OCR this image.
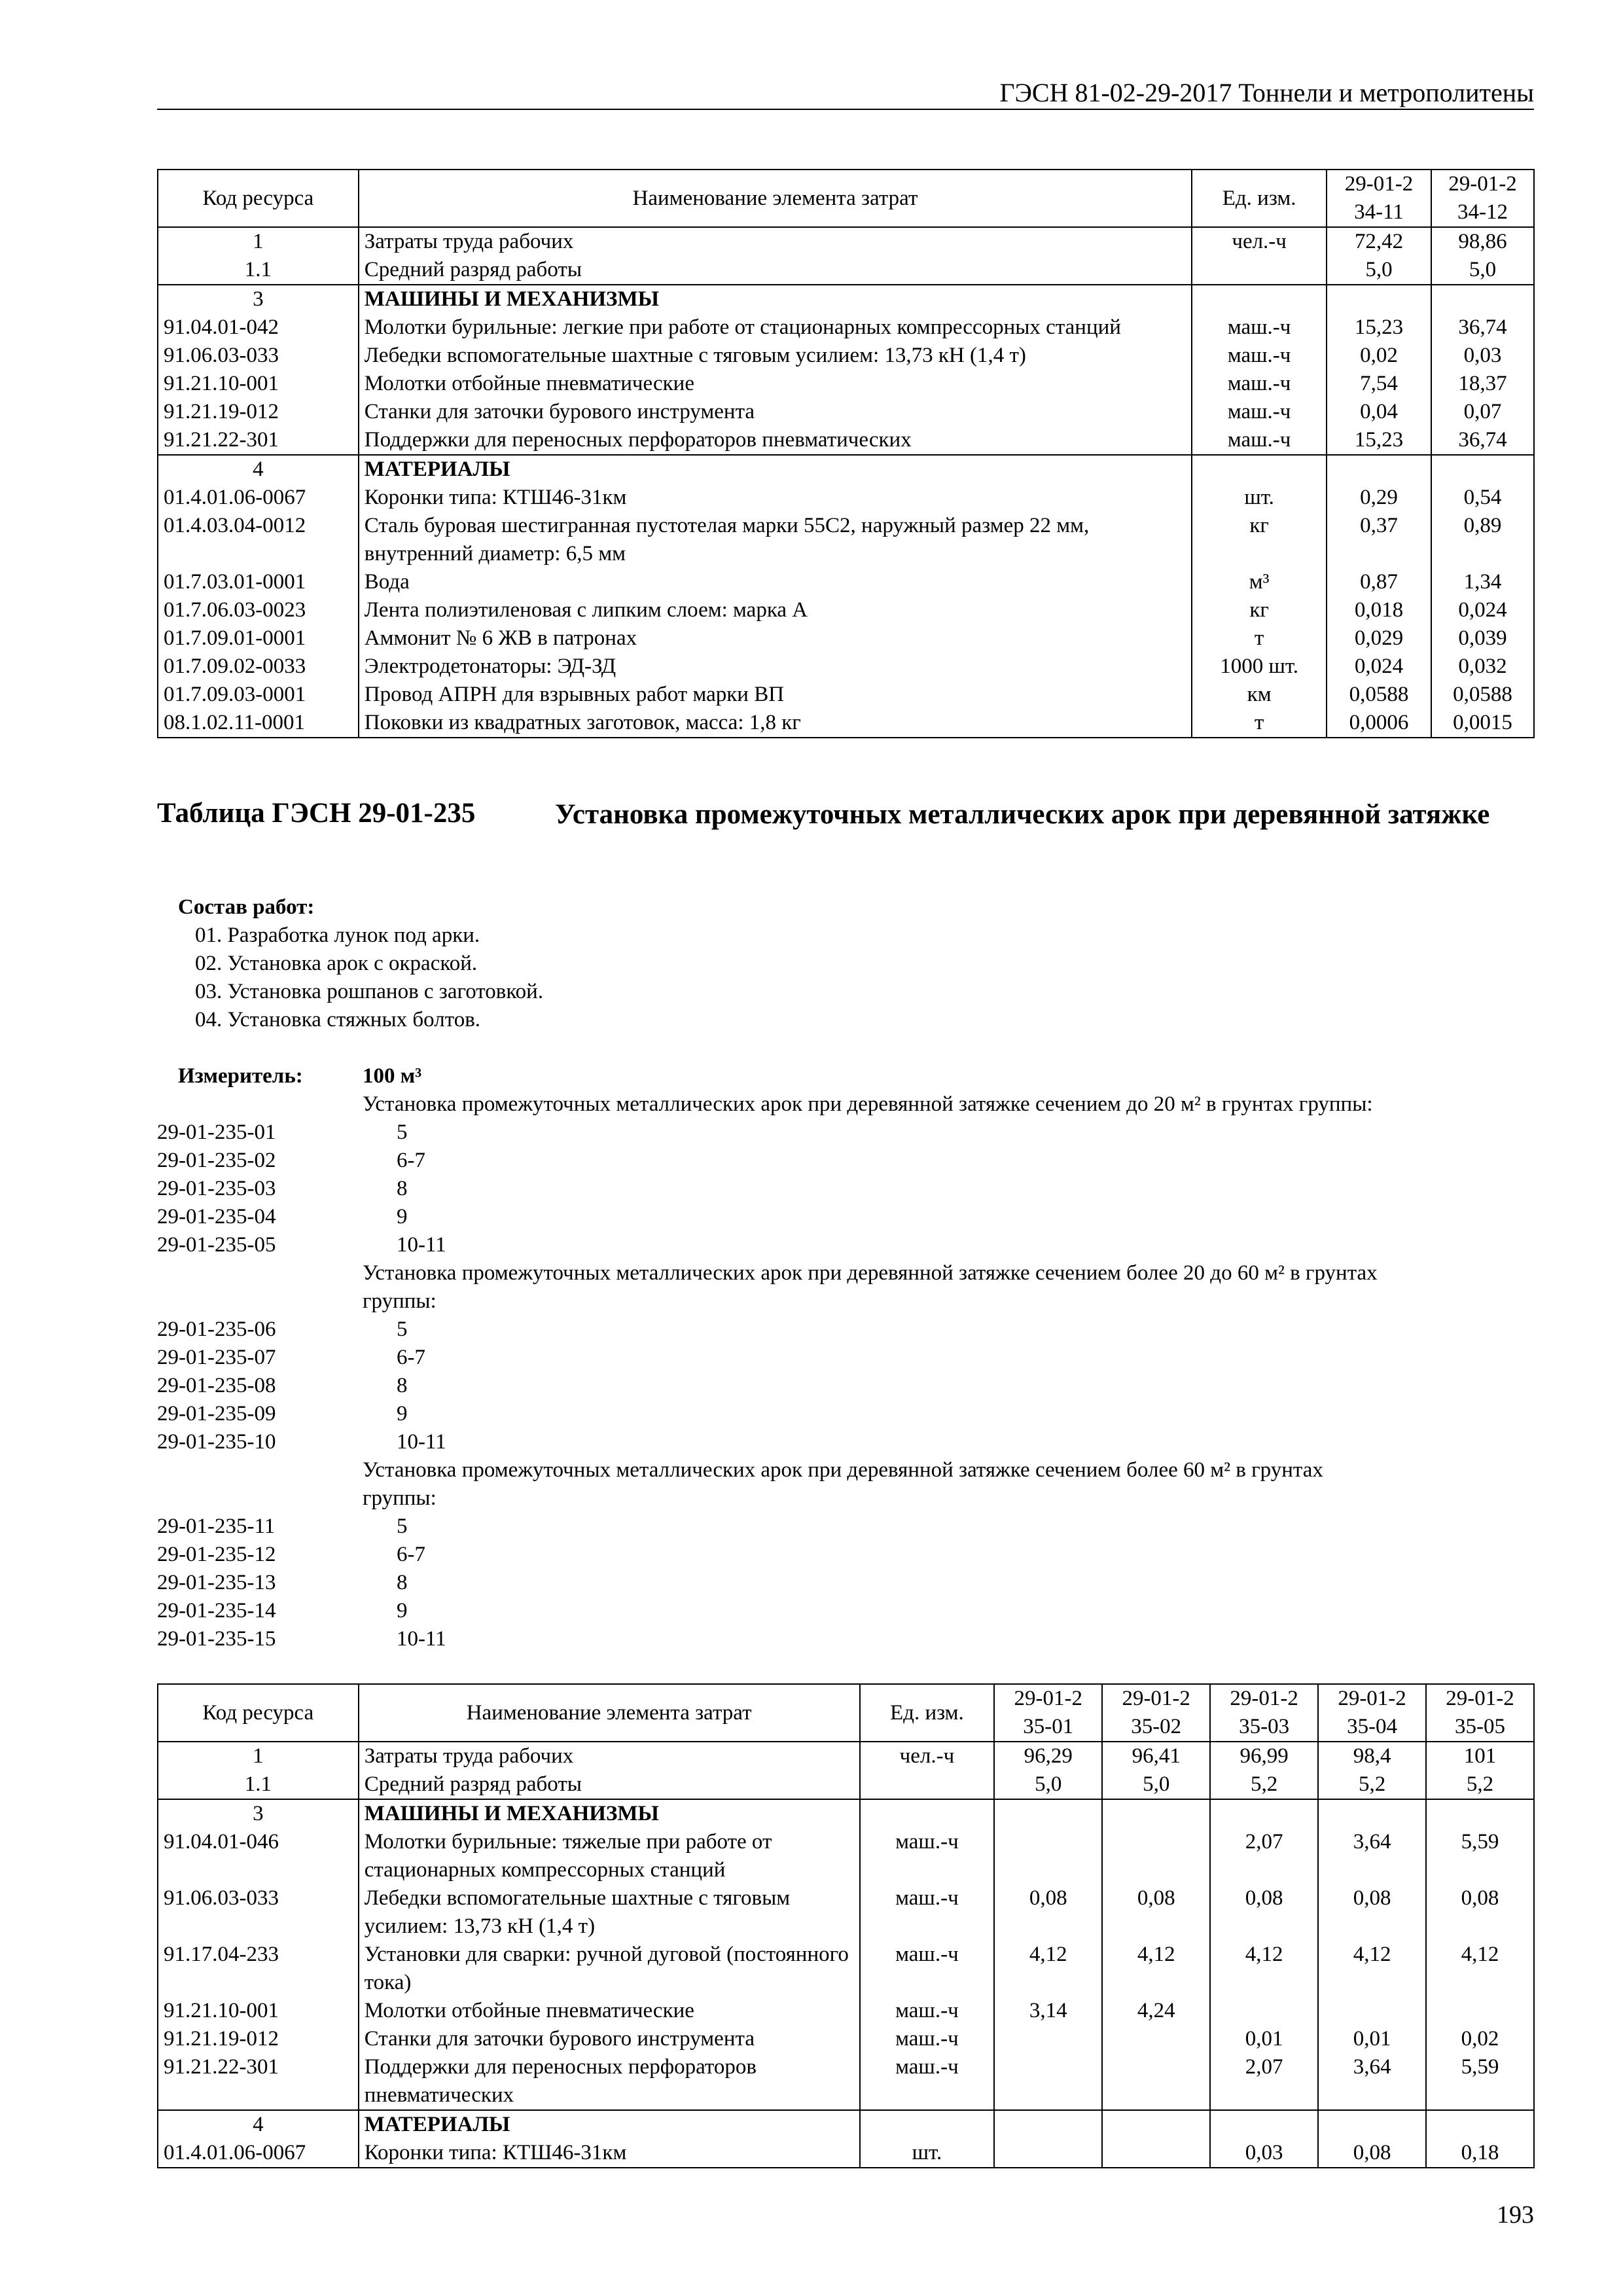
ГЭСН 81-02-29-2017 Тоннели и метрополитены
Код ресурса	Наименование элемента затрат	Ед. изм.	29-01-234-11	29-01-234-12
1	Затраты труда рабочих	чел.-ч	72,42	98,86
1.1	Средний разряд работы		5,0	5,0
3	МАШИНЫ И МЕХАНИЗМЫ			
91.04.01-042	Молотки бурильные: легкие при работе от стационарных компрессорных станций	маш.-ч	15,23	36,74
91.06.03-033	Лебедки вспомогательные шахтные с тяговым усилием: 13,73 кН (1,4 т)	маш.-ч	0,02	0,03
91.21.10-001	Молотки отбойные пневматические	маш.-ч	7,54	18,37
91.21.19-012	Станки для заточки бурового инструмента	маш.-ч	0,04	0,07
91.21.22-301	Поддержки для переносных перфораторов пневматических	маш.-ч	15,23	36,74
4	МАТЕРИАЛЫ			
01.4.01.06-0067	Коронки типа: КТШ46-31км	шт.	0,29	0,54
01.4.03.04-0012	Сталь буровая шестигранная пустотелая марки 55С2, наружный размер 22 мм, внутренний диаметр: 6,5 мм	кг	0,37	0,89
01.7.03.01-0001	Вода	м³	0,87	1,34
01.7.06.03-0023	Лента полиэтиленовая с липким слоем: марка А	кг	0,018	0,024
01.7.09.01-0001	Аммонит № 6 ЖВ в патронах	т	0,029	0,039
01.7.09.02-0033	Электродетонаторы: ЭД-ЗД	1000 шт.	0,024	0,032
01.7.09.03-0001	Провод АПРН для взрывных работ марки ВП	км	0,0588	0,0588
08.1.02.11-0001	Поковки из квадратных заготовок, масса: 1,8 кг	т	0,0006	0,0015
Таблица ГЭСН 29-01-235	Установка промежуточных металлических арок при деревянной затяжке
Состав работ:
01. Разработка лунок под арки.
02. Установка арок с окраской.
03. Установка рошпанов с заготовкой.
04. Установка стяжных болтов.
Измеритель:	100 м³
Установка промежуточных металлических арок при деревянной затяжке сечением до 20 м² в грунтах группы:
29-01-235-01	5
29-01-235-02	6-7
29-01-235-03	8
29-01-235-04	9
29-01-235-05	10-11
Установка промежуточных металлических арок при деревянной затяжке сечением более 20 до 60 м² в грунтах
группы:
29-01-235-06	5
29-01-235-07	6-7
29-01-235-08	8
29-01-235-09	9
29-01-235-10	10-11
Установка промежуточных металлических арок при деревянной затяжке сечением более 60 м² в грунтах
группы:
29-01-235-11	5
29-01-235-12	6-7
29-01-235-13	8
29-01-235-14	9
29-01-235-15	10-11
Код ресурса	Наименование элемента затрат	Ед. изм.	29-01-235-01	29-01-235-02	29-01-235-03	29-01-235-04	29-01-235-05
1	Затраты труда рабочих	чел.-ч	96,29	96,41	96,99	98,4	101
1.1	Средний разряд работы		5,0	5,0	5,2	5,2	5,2
3	МАШИНЫ И МЕХАНИЗМЫ						
91.04.01-046	Молотки бурильные: тяжелые при работе от стационарных компрессорных станций	маш.-ч			2,07	3,64	5,59
91.06.03-033	Лебедки вспомогательные шахтные с тяговым усилием: 13,73 кН (1,4 т)	маш.-ч	0,08	0,08	0,08	0,08	0,08
91.17.04-233	Установки для сварки: ручной дуговой (постоянного тока)	маш.-ч	4,12	4,12	4,12	4,12	4,12
91.21.10-001	Молотки отбойные пневматические	маш.-ч	3,14	4,24			
91.21.19-012	Станки для заточки бурового инструмента	маш.-ч			0,01	0,01	0,02
91.21.22-301	Поддержки для переносных перфораторов пневматических	маш.-ч			2,07	3,64	5,59
4	МАТЕРИАЛЫ						
01.4.01.06-0067	Коронки типа: КТШ46-31км	шт.			0,03	0,08	0,18
193
